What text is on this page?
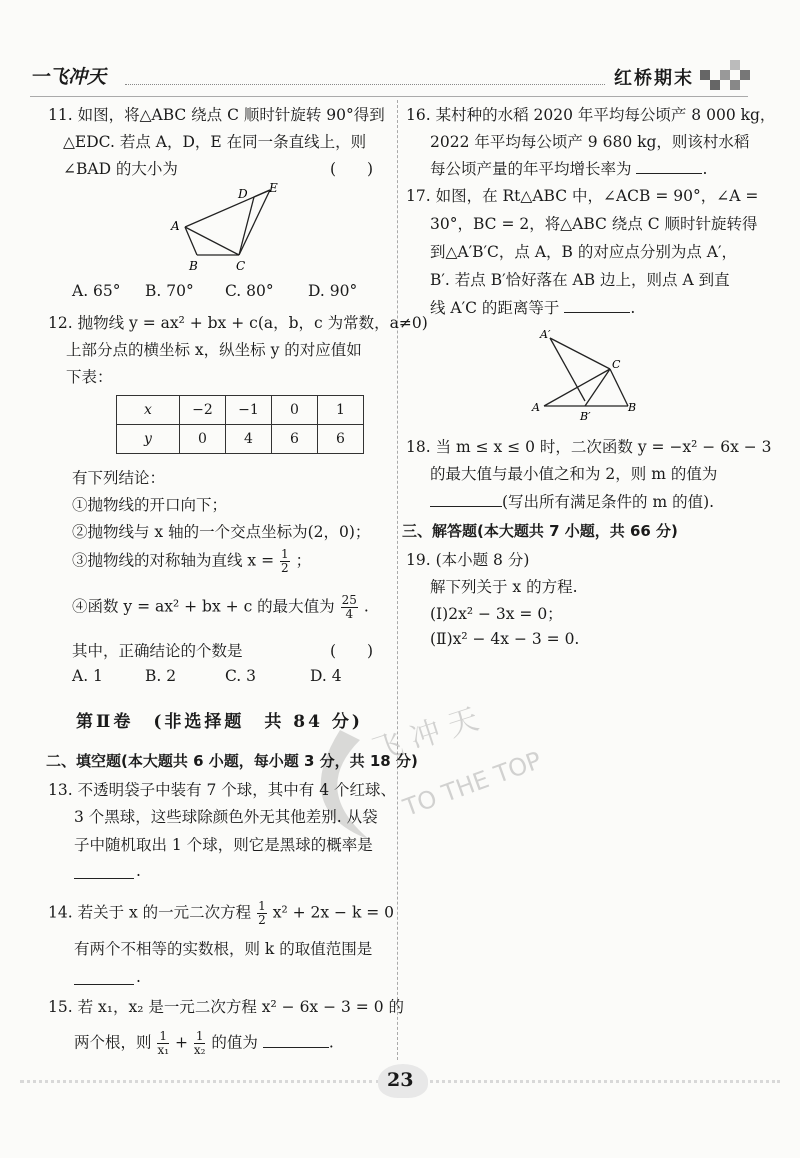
一飞冲天	红桥期末
飞 冲 天
TO THE TOP
11. 如图，将△ABC 绕点 C 顺时针旋转 90°得到
△EDC. 若点 A，D，E 在同一条直线上，则
∠BAD 的大小为	(　　)
A
B	C
D E
A. 65° B. 70° C. 80° D. 90°
12. 抛物线 y = ax² + bx + c(a，b，c 为常数，a≠0)
上部分点的横坐标 x，纵坐标 y 的对应值如
下表：
x	−2	−1	0	1
y	0	4	6	6
有下列结论：
①抛物线的开口向下；
②抛物线与 x 轴的一个交点坐标为(2，0)；
③抛物线的对称轴为直线 $x = \frac{1}{2}$ ；
④函数 y = ax² + bx + c 的最大值为 $\frac{25}{4}$ .
其中，正确结论的个数是	(　　)
A. 1	B. 2	C. 3	D. 4
第Ⅱ卷　(非选择题　共 84 分)
二、填空题(本大题共 6 小题，每小题 3 分，共 18 分)
13. 不透明袋子中装有 7 个球，其中有 4 个红球、
3 个黑球，这些球除颜色外无其他差别. 从袋
子中随机取出 1 个球，则它是黑球的概率是
.
14. 若关于 x 的一元二次方程 $\frac{1}{2} x^2 + 2x - k = 0$
有两个不相等的实数根，则 k 的取值范围是
.
15. 若 x₁，x₂ 是一元二次方程 x² − 6x − 3 = 0 的
两个根，则 $\frac{1}{\text{x₁}} + \frac{1}{\text{x₂}}$ 的值为	.
16. 某村种的水稻 2020 年平均每公顷产 8 000 kg，
2022 年平均每公顷产 9 680 kg，则该村水稻
每公顷产量的年平均增长率为	.
17. 如图，在 Rt△ABC 中，∠ACB = 90°，∠A =
30°，BC = 2，将△ABC 绕点 C 顺时针旋转得
到△A′B′C，点 A，B 的对应点分别为点 A′，
B′. 若点 B′恰好落在 AB 边上，则点 A 到直
线 A′C 的距离等于	.
A′
C
A
B′
B
18. 当 m ≤ x ≤ 0 时，二次函数 y = −x² − 6x − 3
的最大值与最小值之和为 2，则 m 的值为
(写出所有满足条件的 m 的值).
三、解答题(本大题共 7 小题，共 66 分)
19. (本小题 8 分)
解下列关于 x 的方程.
(Ⅰ)2x² − 3x = 0；
(Ⅱ)x² − 4x − 3 = 0.
23
